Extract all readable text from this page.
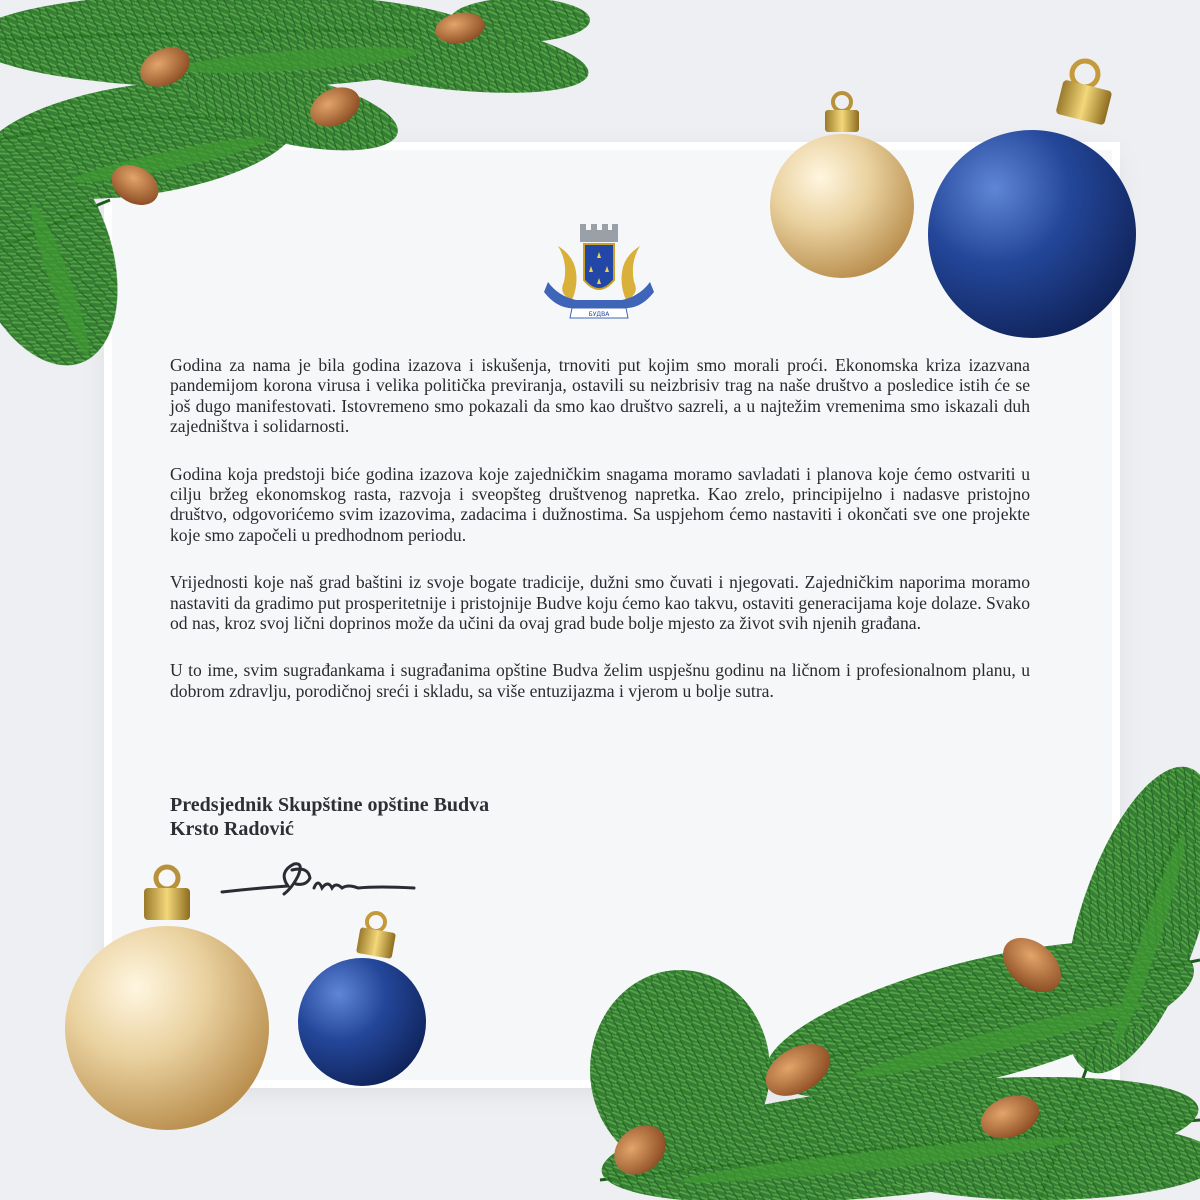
БУДВА

Godina za nama je bila godina izazova i iskušenja, trnoviti put kojim smo morali proći. Ekonomska kriza izazvana pandemijom korona virusa i velika politička previranja, ostavili su neizbrisiv trag na naše društvo a posledice istih će se još dugo manifestovati. Istovremeno smo pokazali da smo kao društvo sazreli, a u najtežim vremenima smo iskazali duh zajedništva i solidarnosti.

Godina koja predstoji biće godina izazova koje zajedničkim snagama moramo savladati i planova koje ćemo ostvariti u cilju bržeg ekonomskog rasta, razvoja i sveopšteg društvenog napretka. Kao zrelo, principijelno i nadasve pristojno društvo, odgovorićemo svim izazovima, zadacima i dužnostima. Sa uspjehom ćemo nastaviti i okončati sve one projekte koje smo započeli u predhodnom periodu.

Vrijednosti koje naš grad baštini iz svoje bogate tradicije, dužni smo čuvati i njegovati. Zajedničkim naporima moramo nastaviti da gradimo put prosperitetnije i pristojnije Budve koju ćemo kao takvu, ostaviti generacijama koje dolaze. Svako od nas, kroz svoj lični doprinos može da učini da ovaj grad bude bolje mjesto za život svih njenih građana.

U to ime, svim sugrađankama i sugrađanima opštine Budva želim uspješnu godinu na ličnom i profesionalnom planu, u dobrom zdravlju, porodičnoj sreći i skladu, sa više entuzijazma i vjerom u bolje sutra.

Predsjednik Skupštine opštine Budva
Krsto Radović
